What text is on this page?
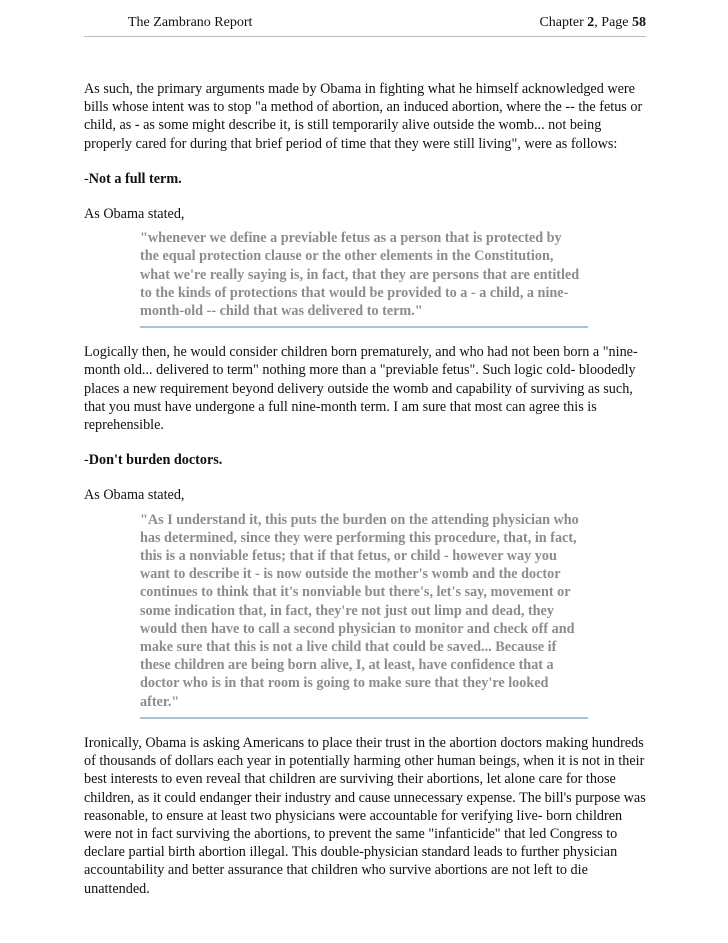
The Zambrano Report	Chapter 2, Page 58

As such, the primary arguments made by Obama in fighting what he himself acknowledged were bills whose intent was to stop "a method of abortion, an induced abortion, where the -- the fetus or child, as - as some might describe it, is still temporarily alive outside the womb... not being properly cared for during that brief period of time that they were still living", were as follows:

-Not a full term.

As Obama stated,

"whenever we define a previable fetus as a person that is protected by
the equal protection clause or the other elements in the Constitution,
what we're really saying is, in fact, that they are persons that are entitled
to the kinds of protections that would be provided to a - a child, a nine-
month-old -- child that was delivered to term."

Logically then, he would consider children born prematurely, and who had not been born a "nine-month old... delivered to term" nothing more than a "previable fetus". Such logic cold- bloodedly places a new requirement beyond delivery outside the womb and capability of surviving as such, that you must have undergone a full nine-month term. I am sure that most can agree this is reprehensible.

-Don't burden doctors.

As Obama stated,

"As I understand it, this puts the burden on the attending physician who
has determined, since they were performing this procedure, that, in fact,
this is a nonviable fetus; that if that fetus, or child - however way you
want to describe it - is now outside the mother's womb and the doctor
continues to think that it's nonviable but there's, let's say, movement or
some indication that, in fact, they're not just out limp and dead, they
would then have to call a second physician to monitor and check off and
make sure that this is not a live child that could be saved... Because if
these children are being born alive, I, at least, have confidence that a
doctor who is in that room is going to make sure that they're looked
after."

Ironically, Obama is asking Americans to place their trust in the abortion doctors making hundreds of thousands of dollars each year in potentially harming other human beings, when it is not in their best interests to even reveal that children are surviving their abortions, let alone care for those children, as it could endanger their industry and cause unnecessary expense. The bill's purpose was reasonable, to ensure at least two physicians were accountable for verifying live- born children were not in fact surviving the abortions, to prevent the same "infanticide" that led Congress to declare partial birth abortion illegal. This double-physician standard leads to further physician accountability and better assurance that children who survive abortions are not left to die unattended.
